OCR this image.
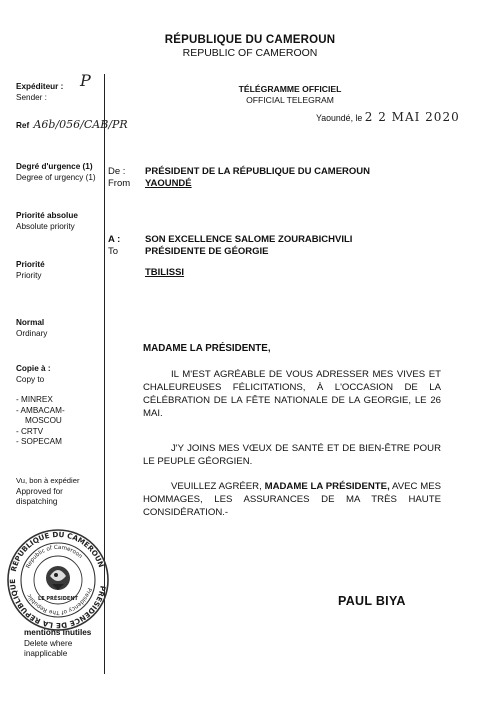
RÉPUBLIQUE DU CAMEROUN
REPUBLIC OF CAMEROON
TÉLÉGRAMME OFFICIEL
OFFICIAL TELEGRAM
Yaoundé, le 2 2 MAI 2020
Expéditeur : P
Sender :
Ref A6b/056/CAB/PR
Degré d'urgence (1)
Degree of urgency (1)
Priorité absolue
Absolute priority
Priorité
Priority
Normal
Ordinary
Copie à :
Copy to
- MINREX
- AMBACAM-
MOSCOU
- CRTV
- SOPECAM
Vu, bon à expédier
Approved for
dispatching
mentions inutiles
Delete where
inapplicable
De :
From
PRÉSIDENT DE LA RÉPUBLIQUE DU CAMEROUN
YAOUNDÉ
A :
To
SON EXCELLENCE SALOME ZOURABICHVILI
PRÉSIDENTE DE GÉORGIE
TBILISSI
MADAME LA PRÉSIDENTE,
IL M'EST AGRÉABLE DE VOUS ADRESSER MES VIVES ET CHALEUREUSES FÉLICITATIONS, À L'OCCASION DE LA CÉLÉBRATION DE LA FÊTE NATIONALE DE LA GEORGIE, LE 26 MAI.
J'Y JOINS MES VŒUX DE SANTÉ ET DE BIEN-ÊTRE POUR LE PEUPLE GÉORGIEN.
VEUILLEZ AGRÉER, MADAME LA PRÉSIDENTE, AVEC MES HOMMAGES, LES ASSURANCES DE MA TRÈS HAUTE CONSIDÉRATION.-
PAUL BIYA
RÉPUBLIQUE DU CAMEROUN
PRESIDENCE DE LA RÉPUBLIQUE
Republic of Cameroon
Presidency of The Republic
LE PRÉSIDENT
